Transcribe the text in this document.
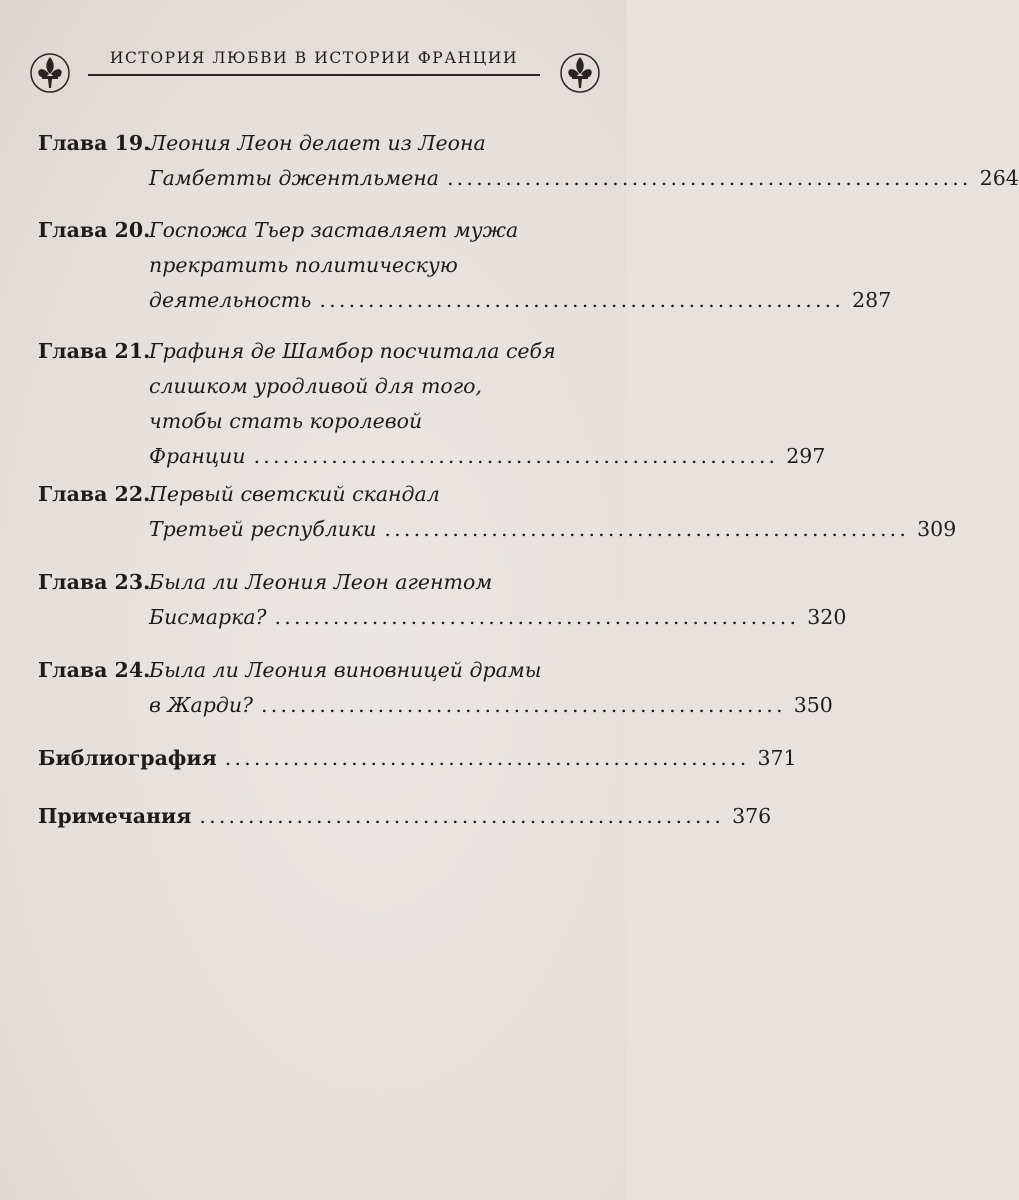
ИСТОРИЯ ЛЮБВИ В ИСТОРИИ ФРАНЦИИ
Глава 19.
Леония Леон делает из Леона
Гамбетты джентльмена ...................................................... 264
Глава 20.
Госпожа Тьер заставляет мужа
прекратить политическую
деятельность ...................................................... 287
Глава 21.
Графиня де Шамбор посчитала себя
слишком уродливой для того,
чтобы стать королевой
Франции ...................................................... 297
Глава 22.
Первый светский скандал
Третьей республики ...................................................... 309
Глава 23.
Была ли Леония Леон агентом
Бисмарка? ...................................................... 320
Глава 24.
Была ли Леония виновницей драмы
в Жарди? ...................................................... 350
Библиография ...................................................... 371
Примечания ...................................................... 376
